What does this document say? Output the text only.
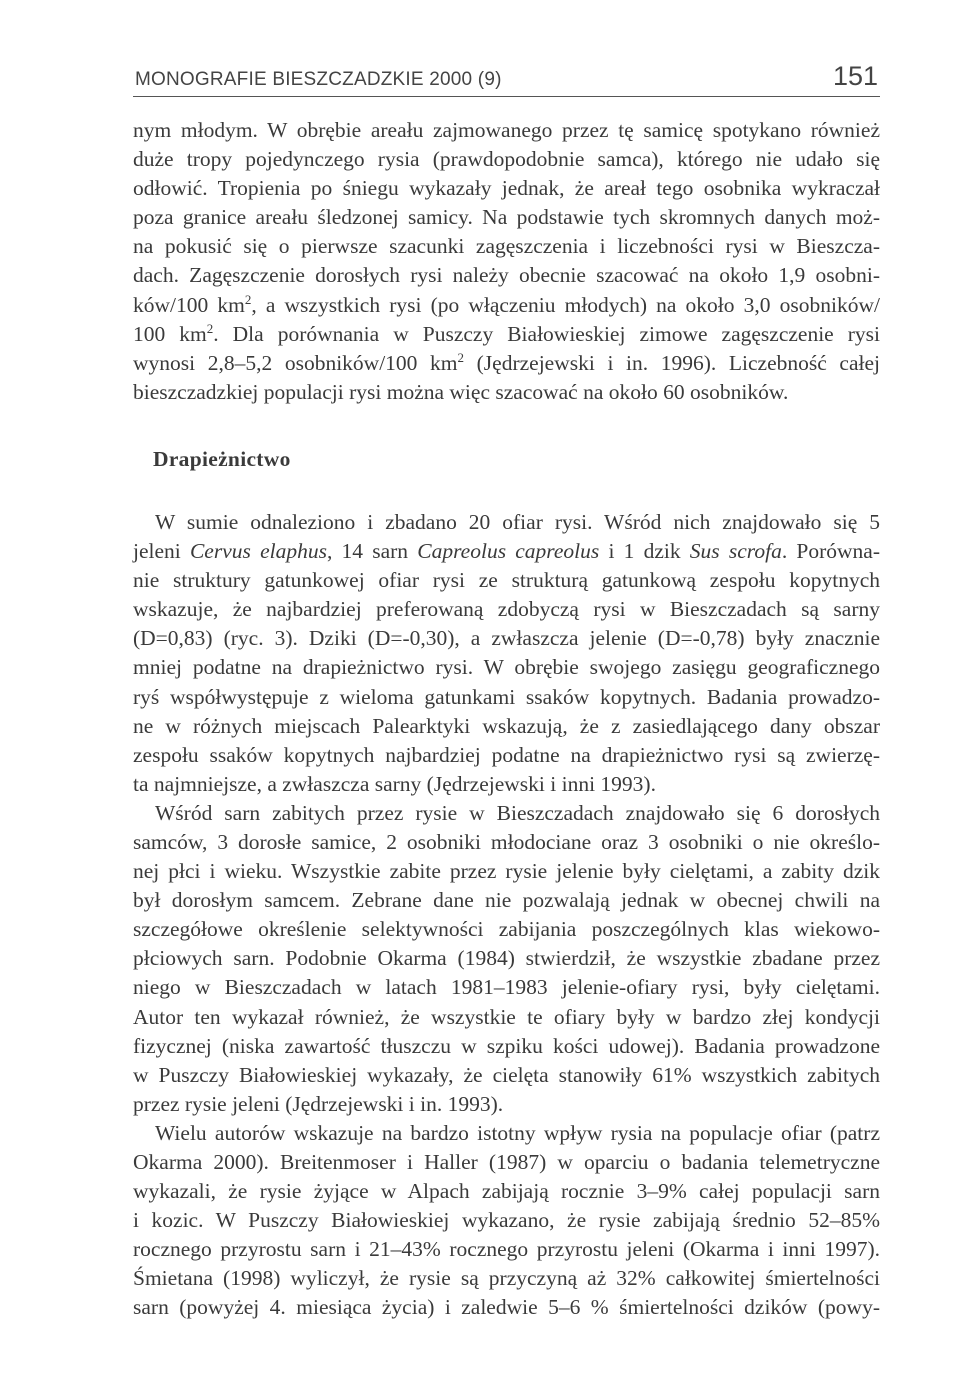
MONOGRAFIE BIESZCZADZKIE 2000 (9)	151
nym młodym. W obrębie areału zajmowanego przez tę samicę spotykano również
duże tropy pojedynczego rysia (prawdopodobnie samca), którego nie udało się
odłowić. Tropienia po śniegu wykazały jednak, że areał tego osobnika wykraczał
poza granice areału śledzonej samicy. Na podstawie tych skromnych danych moż-
na pokusić się o pierwsze szacunki zagęszczenia i liczebności rysi w Bieszcza-
dach. Zagęszczenie dorosłych rysi należy obecnie szacować na około 1,9 osobni-
ków/100 $km^2$, a wszystkich rysi (po włączeniu młodych) na około 3,0 osobników/
100 $km^2$. Dla porównania w Puszczy Białowieskiej zimowe zagęszczenie rysi
wynosi 2,8–5,2 osobników/100 $km^2$ (Jędrzejewski i in. 1996). Liczebność całej
bieszczadzkiej populacji rysi można więc szacować na około 60 osobników.
Drapieżnictwo
W sumie odnaleziono i zbadano 20 ofiar rysi. Wśród nich znajdowało się 5
jeleni Cervus elaphus, 14 sarn Capreolus capreolus i 1 dzik Sus scrofa. Porówna-
nie struktury gatunkowej ofiar rysi ze strukturą gatunkową zespołu kopytnych
wskazuje, że najbardziej preferowaną zdobyczą rysi w Bieszczadach są sarny
(D=0,83) (ryc. 3). Dziki (D=-0,30), a zwłaszcza jelenie (D=-0,78) były znacznie
mniej podatne na drapieżnictwo rysi. W obrębie swojego zasięgu geograficznego
ryś współwystępuje z wieloma gatunkami ssaków kopytnych. Badania prowadzo-
ne w różnych miejscach Palearktyki wskazują, że z zasiedlającego dany obszar
zespołu ssaków kopytnych najbardziej podatne na drapieżnictwo rysi są zwierzę-
ta najmniejsze, a zwłaszcza sarny (Jędrzejewski i inni 1993).
Wśród sarn zabitych przez rysie w Bieszczadach znajdowało się 6 dorosłych
samców, 3 dorosłe samice, 2 osobniki młodociane oraz 3 osobniki o nie określo-
nej płci i wieku. Wszystkie zabite przez rysie jelenie były cielętami, a zabity dzik
był dorosłym samcem. Zebrane dane nie pozwalają jednak w obecnej chwili na
szczegółowe określenie selektywności zabijania poszczególnych klas wiekowo-
płciowych sarn. Podobnie Okarma (1984) stwierdził, że wszystkie zbadane przez
niego w Bieszczadach w latach 1981–1983 jelenie-ofiary rysi, były cielętami.
Autor ten wykazał również, że wszystkie te ofiary były w bardzo złej kondycji
fizycznej (niska zawartość tłuszczu w szpiku kości udowej). Badania prowadzone
w Puszczy Białowieskiej wykazały, że cielęta stanowiły 61% wszystkich zabitych
przez rysie jeleni (Jędrzejewski i in. 1993).
Wielu autorów wskazuje na bardzo istotny wpływ rysia na populacje ofiar (patrz
Okarma 2000). Breitenmoser i Haller (1987) w oparciu o badania telemetryczne
wykazali, że rysie żyjące w Alpach zabijają rocznie 3–9% całej populacji sarn
i kozic. W Puszczy Białowieskiej wykazano, że rysie zabijają średnio 52–85%
rocznego przyrostu sarn i 21–43% rocznego przyrostu jeleni (Okarma i inni 1997).
Śmietana (1998) wyliczył, że rysie są przyczyną aż 32% całkowitej śmiertelności
sarn (powyżej 4. miesiąca życia) i zaledwie 5–6 % śmiertelności dzików (powy-
